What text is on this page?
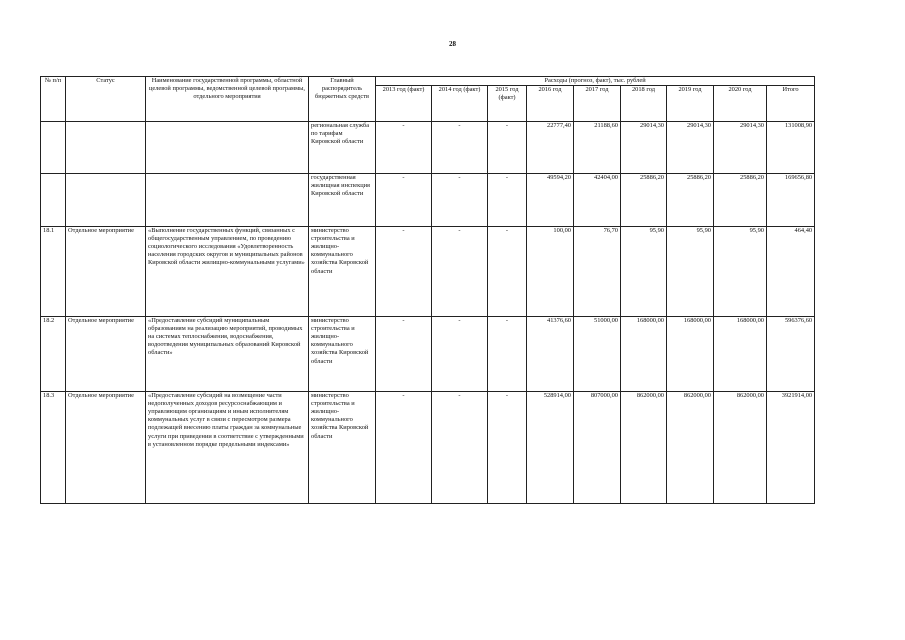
28
№ п/п	Статус	Наименование государственной программы, областной целевой программы, ведомственной целевой программы, отдельного мероприятия	Главный распорядитель бюджетных средств	Расходы (прогноз, факт), тыс. рублей								
				2013 год (факт)	2014 год (факт)	2015 год (факт)	2016 год	2017 год	2018 год	2019 год	2020 год	Итого
			региональная служба по тарифам Кировской области	-	-	-	22777,40	21188,60	29014,30	29014,30	29014,30	131008,90
			государственная жилищная инспекция Кировской области	-	-	-	49594,20	42404,00	25886,20	25886,20	25886,20	169656,80
18.1	Отдельное мероприятие	«Выполнение государственных функций, связанных с общегосударственным управлением, по проведению социологического исследования «Удовлетворенность населения городских округов и муниципальных районов Кировской области жилищно-коммунальными услугами»	министерство строительства и жилищно-коммунального хозяйства Кировской области	-	-	-	100,00	76,70	95,90	95,90	95,90	464,40
18.2	Отдельное мероприятие	«Предоставление субсидий муниципальным образованиям на реализацию мероприятий, проводимых на системах теплоснабжения, водоснабжения, водоотведения муниципальных образований Кировской области»	министерство строительства и жилищно-коммунального хозяйства Кировской области	-	-	-	41376,60	51000,00	168000,00	168000,00	168000,00	596376,60
18.3	Отдельное мероприятие	«Предоставление субсидий на возмещение части недополученных доходов ресурсоснабжающим и управляющим организациям и иным исполнителям коммунальных услуг в связи с пересмотром размера подлежащей внесению платы граждан за коммунальные услуги при приведении в соответствие с утвержденными в установленном порядке предельными индексами»	министерство строительства и жилищно-коммунального хозяйства Кировской области	-	-	-	528914,00	807000,00	862000,00	862000,00	862000,00	3921914,00
